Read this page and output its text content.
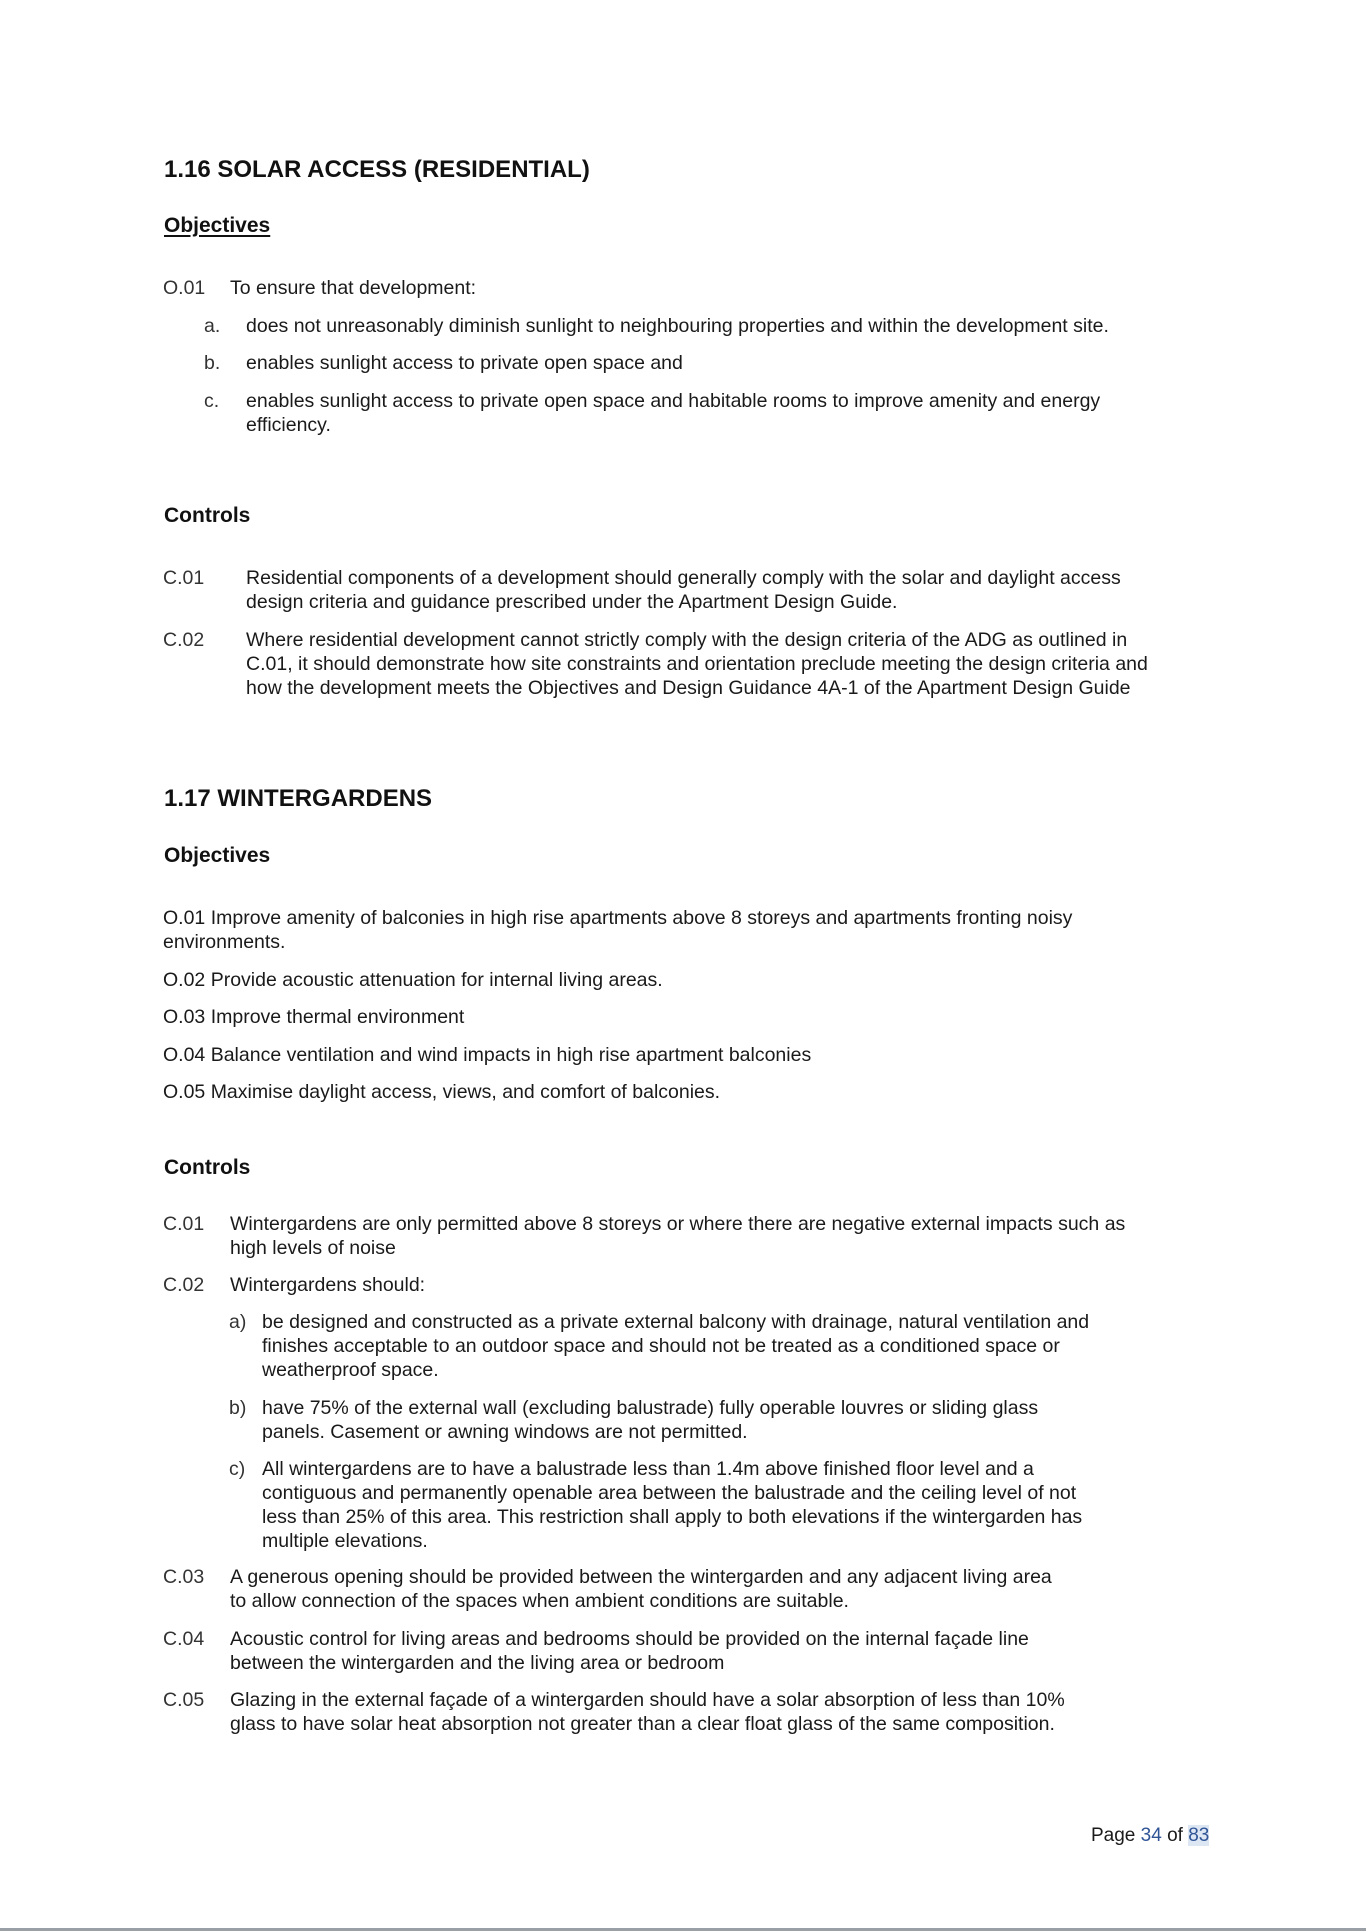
1.16 SOLAR ACCESS (RESIDENTIAL)
Objectives
O.01 To ensure that development:
a. does not unreasonably diminish sunlight to neighbouring properties and within the development site.
b. enables sunlight access to private open space and
c. enables sunlight access to private open space and habitable rooms to improve amenity and energy
efficiency.
Controls
C.01 Residential components of a development should generally comply with the solar and daylight access
design criteria and guidance prescribed under the Apartment Design Guide.
C.02 Where residential development cannot strictly comply with the design criteria of the ADG as outlined in
C.01, it should demonstrate how site constraints and orientation preclude meeting the design criteria and
how the development meets the Objectives and Design Guidance 4A-1 of the Apartment Design Guide
1.17 WINTERGARDENS
Objectives
O.01 Improve amenity of balconies in high rise apartments above 8 storeys and apartments fronting noisy
environments.
O.02 Provide acoustic attenuation for internal living areas.
O.03 Improve thermal environment
O.04 Balance ventilation and wind impacts in high rise apartment balconies
O.05 Maximise daylight access, views, and comfort of balconies.
Controls
C.01 Wintergardens are only permitted above 8 storeys or where there are negative external impacts such as
high levels of noise
C.02 Wintergardens should:
a) be designed and constructed as a private external balcony with drainage, natural ventilation and
finishes acceptable to an outdoor space and should not be treated as a conditioned space or
weatherproof space.
b) have 75% of the external wall (excluding balustrade) fully operable louvres or sliding glass
panels. Casement or awning windows are not permitted.
c) All wintergardens are to have a balustrade less than 1.4m above finished floor level and a
contiguous and permanently openable area between the balustrade and the ceiling level of not
less than 25% of this area. This restriction shall apply to both elevations if the wintergarden has
multiple elevations.
C.03 A generous opening should be provided between the wintergarden and any adjacent living area
to allow connection of the spaces when ambient conditions are suitable.
C.04 Acoustic control for living areas and bedrooms should be provided on the internal façade line
between the wintergarden and the living area or bedroom
C.05 Glazing in the external façade of a wintergarden should have a solar absorption of less than 10%
glass to have solar heat absorption not greater than a clear float glass of the same composition.
Page 34 of 83
